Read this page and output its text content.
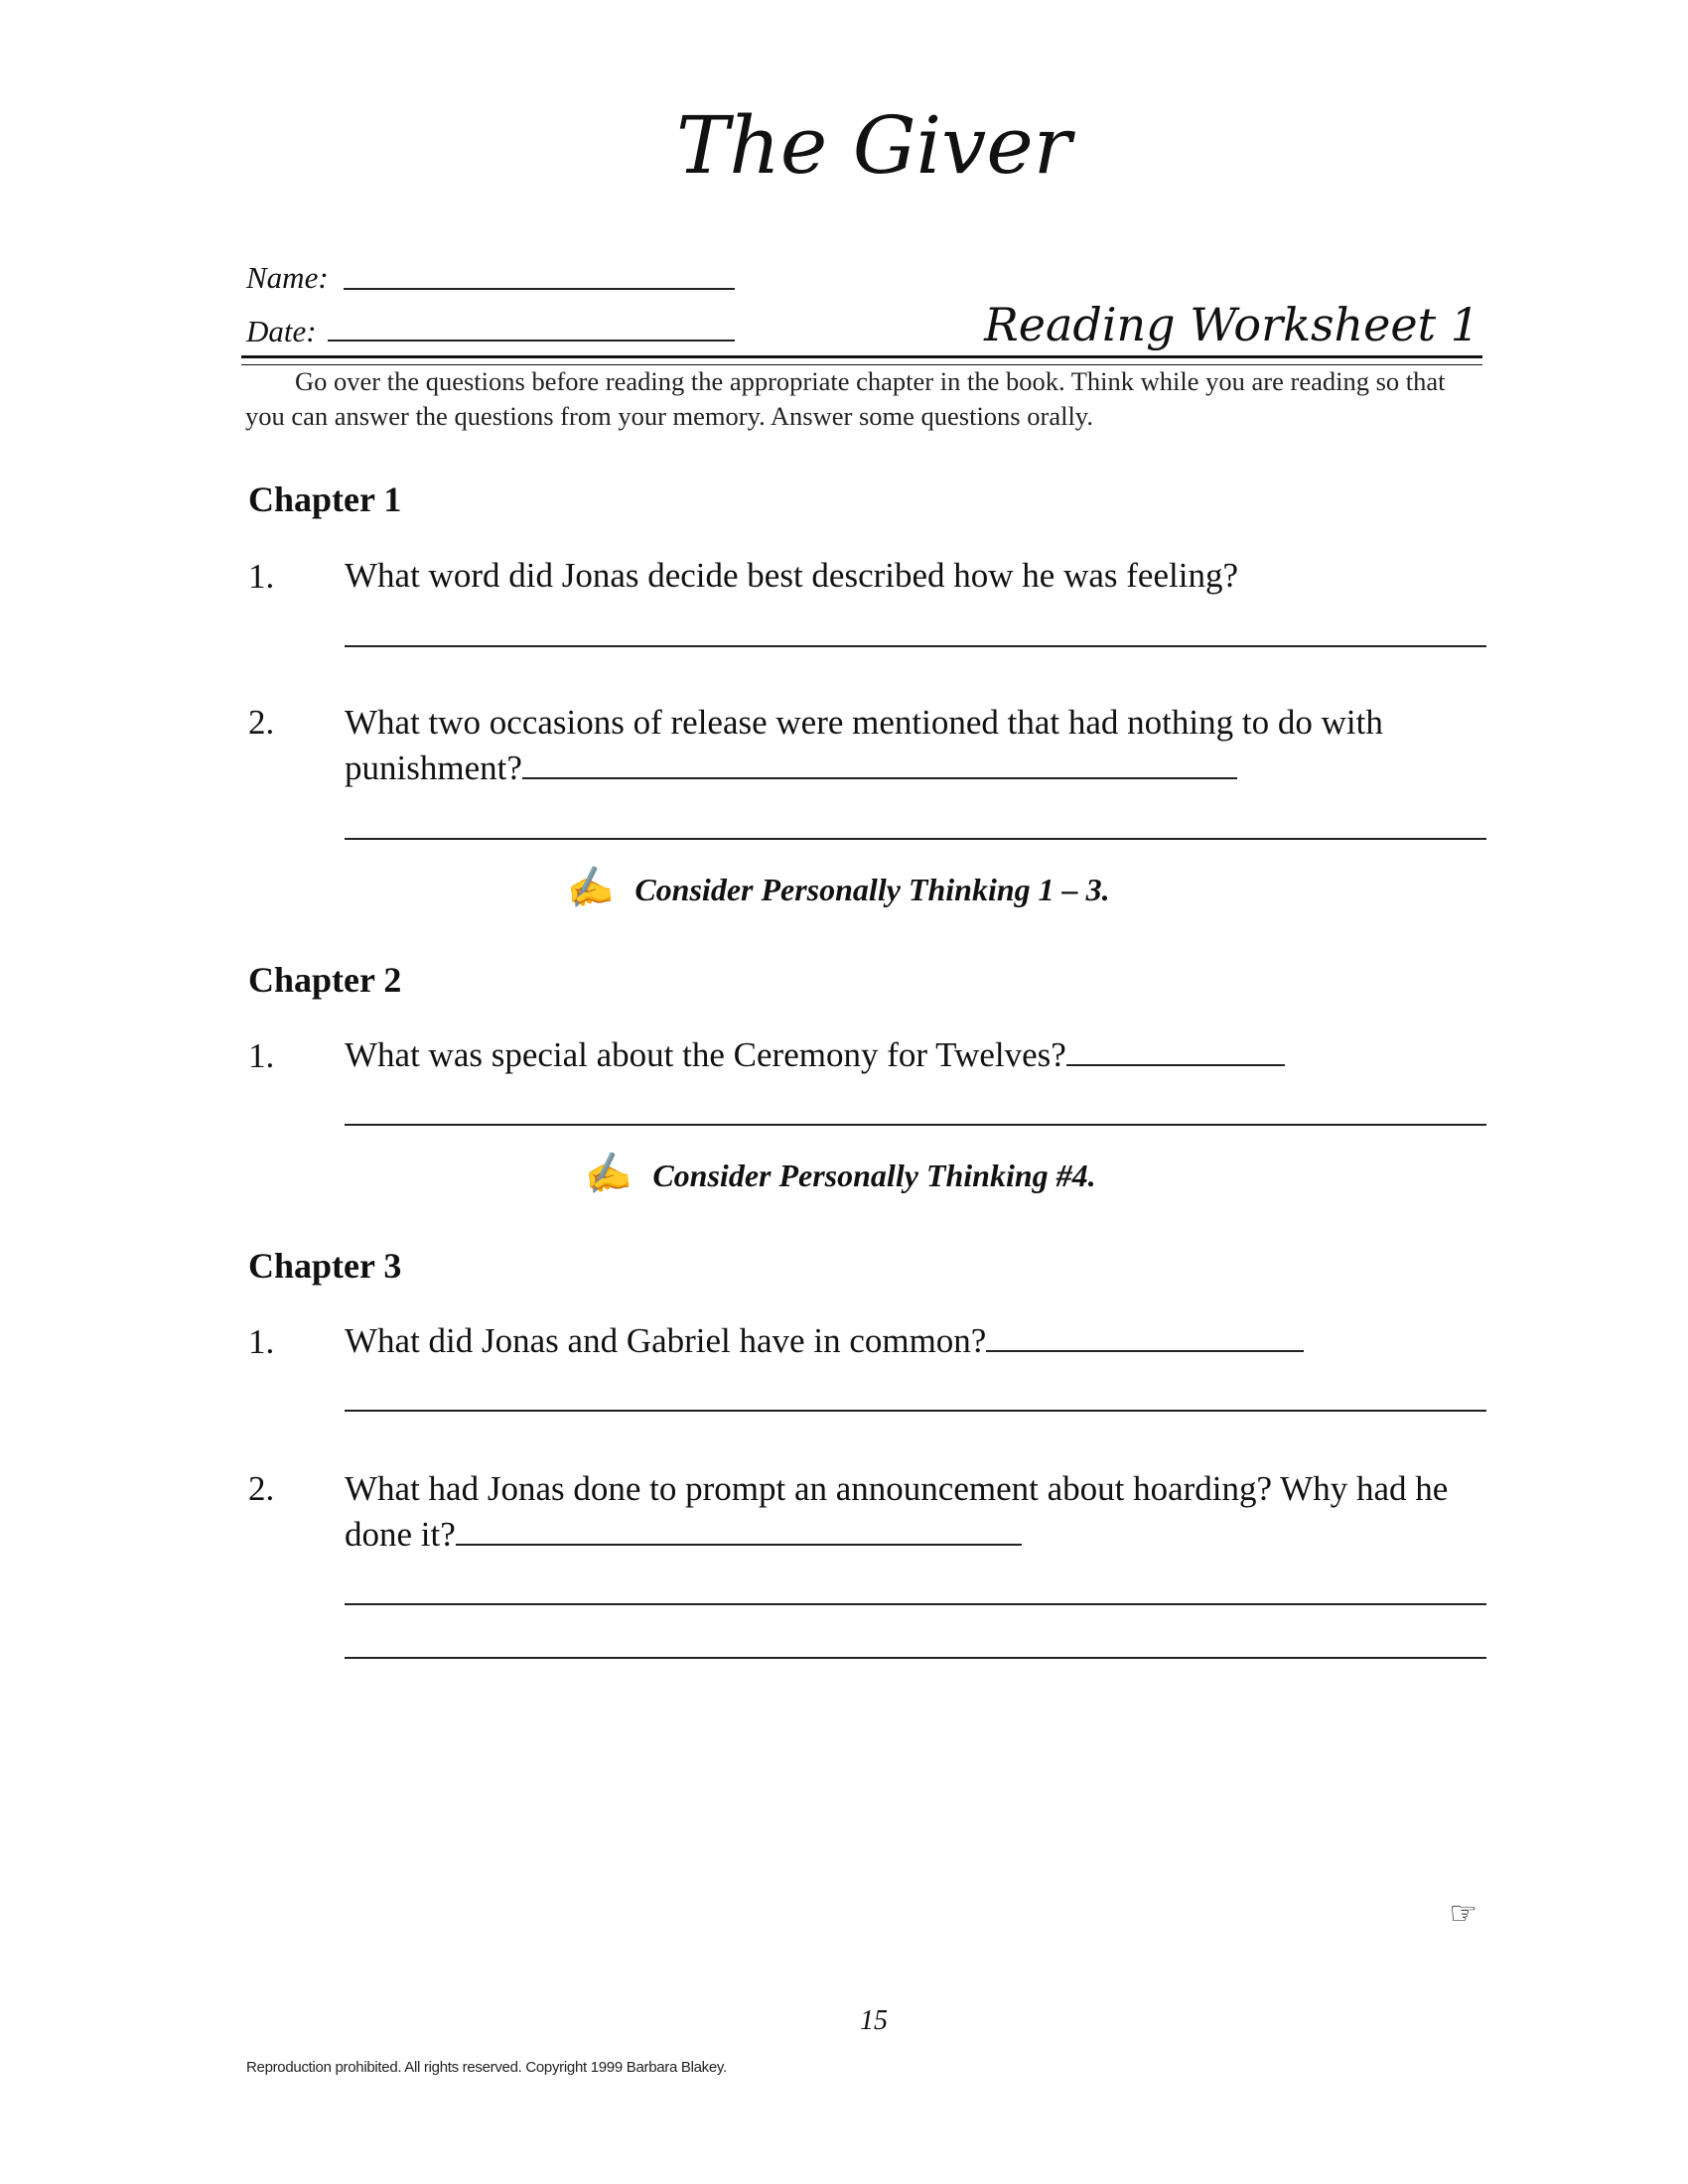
The Giver
Name:
Date:	Reading Worksheet 1

Go over the questions before reading the appropriate chapter in the book. Think while you are reading so that you can answer the questions from your memory. Answer some questions orally.

Chapter 1
1. What word did Jonas decide best described how he was feeling?
2. What two occasions of release were mentioned that had nothing to do with punishment?
✍ Consider Personally Thinking 1 – 3.
Chapter 2
1. What was special about the Ceremony for Twelves?
✍ Consider Personally Thinking #4.
Chapter 3
1. What did Jonas and Gabriel have in common?
2. What had Jonas done to prompt an announcement about hoarding? Why had he done it?
☞
15
Reproduction prohibited. All rights reserved. Copyright 1999 Barbara Blakey.
